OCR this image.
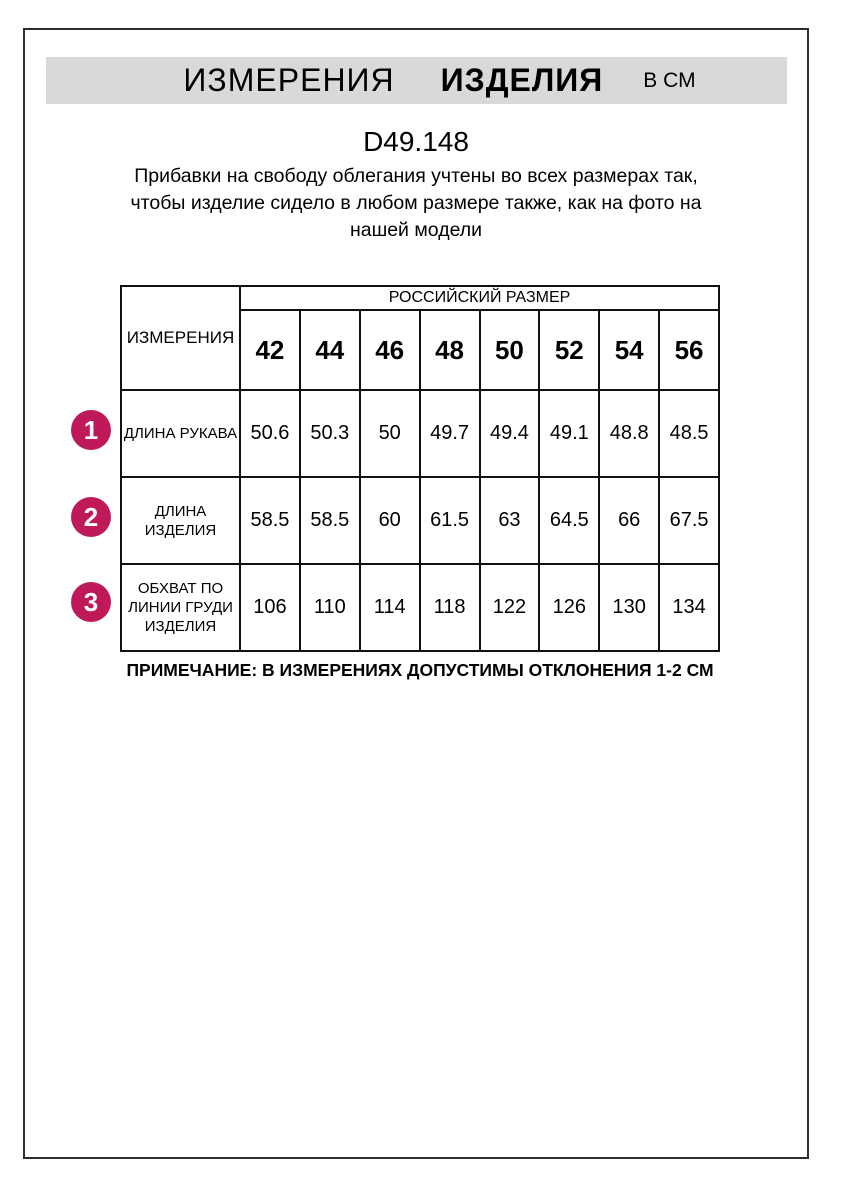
ИЗМЕРЕНИЯ ИЗДЕЛИЯ В СМ
D49.148
Прибавки на свободу облегания учтены во всех размерах так, чтобы изделие сидело в любом размере также, как на фото на нашей модели
ИЗМЕРЕНИЯ	РОССИЙСКИЙ РАЗМЕР							
	42	44	46	48	50	52	54	56
ДЛИНА РУКАВА	50.6	50.3	50	49.7	49.4	49.1	48.8	48.5
ДЛИНА ИЗДЕЛИЯ	58.5	58.5	60	61.5	63	64.5	66	67.5
ОБХВАТ ПО ЛИНИИ ГРУДИ ИЗДЕЛИЯ	106	110	114	118	122	126	130	134
1
2
3
ПРИМЕЧАНИЕ: В ИЗМЕРЕНИЯХ ДОПУСТИМЫ ОТКЛОНЕНИЯ 1-2 СМ
